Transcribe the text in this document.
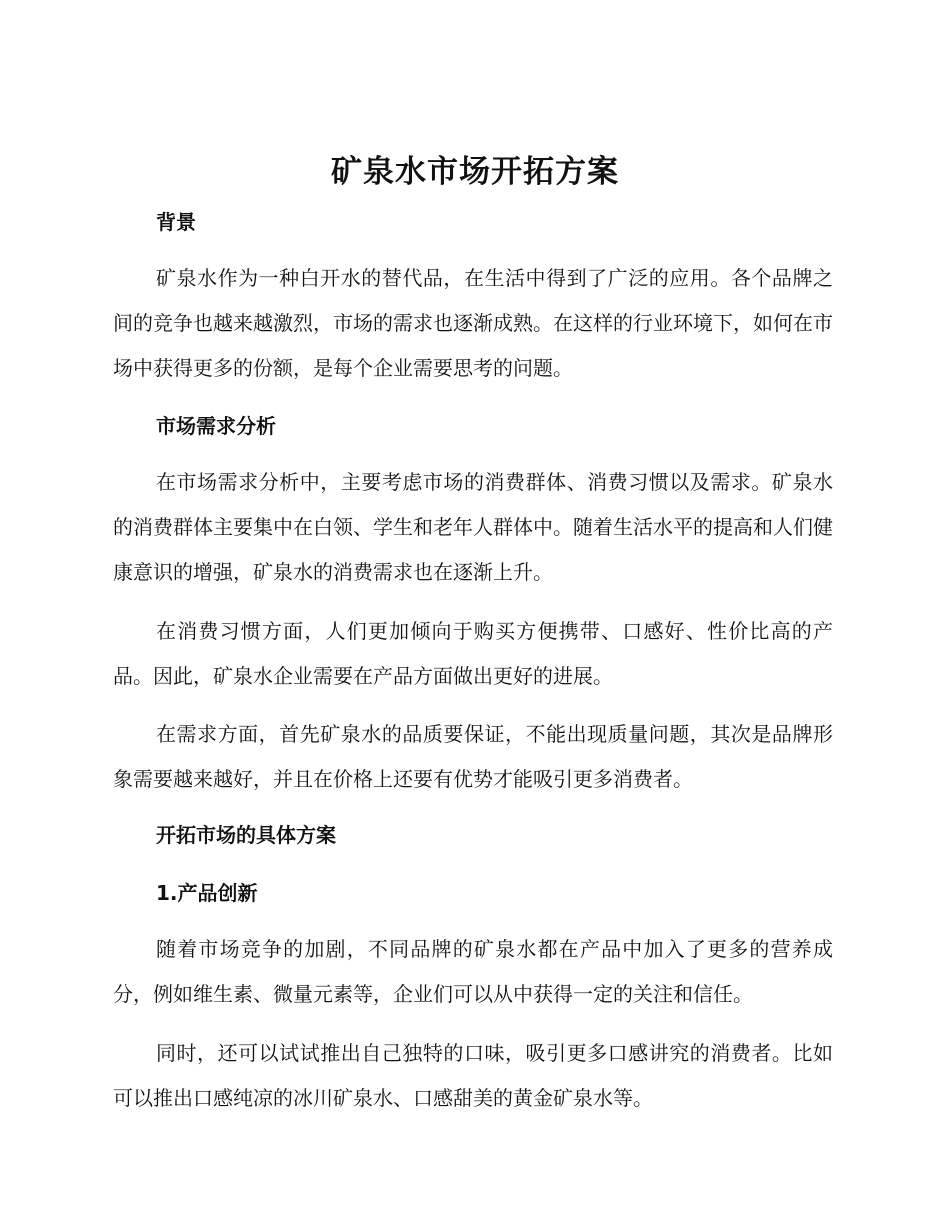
矿泉水市场开拓方案
背景

矿泉水作为一种白开水的替代品，在生活中得到了广泛的应用。各个品牌之间的竞争也越来越激烈，市场的需求也逐渐成熟。在这样的行业环境下，如何在市场中获得更多的份额，是每个企业需要思考的问题。

市场需求分析

在市场需求分析中，主要考虑市场的消费群体、消费习惯以及需求。矿泉水的消费群体主要集中在白领、学生和老年人群体中。随着生活水平的提高和人们健康意识的增强，矿泉水的消费需求也在逐渐上升。

在消费习惯方面，人们更加倾向于购买方便携带、口感好、性价比高的产品。因此，矿泉水企业需要在产品方面做出更好的进展。

在需求方面，首先矿泉水的品质要保证，不能出现质量问题，其次是品牌形象需要越来越好，并且在价格上还要有优势才能吸引更多消费者。

开拓市场的具体方案
1.产品创新

随着市场竞争的加剧，不同品牌的矿泉水都在产品中加入了更多的营养成分，例如维生素、微量元素等，企业们可以从中获得一定的关注和信任。

同时，还可以试试推出自己独特的口味，吸引更多口感讲究的消费者。比如可以推出口感纯凉的冰川矿泉水、口感甜美的黄金矿泉水等。
